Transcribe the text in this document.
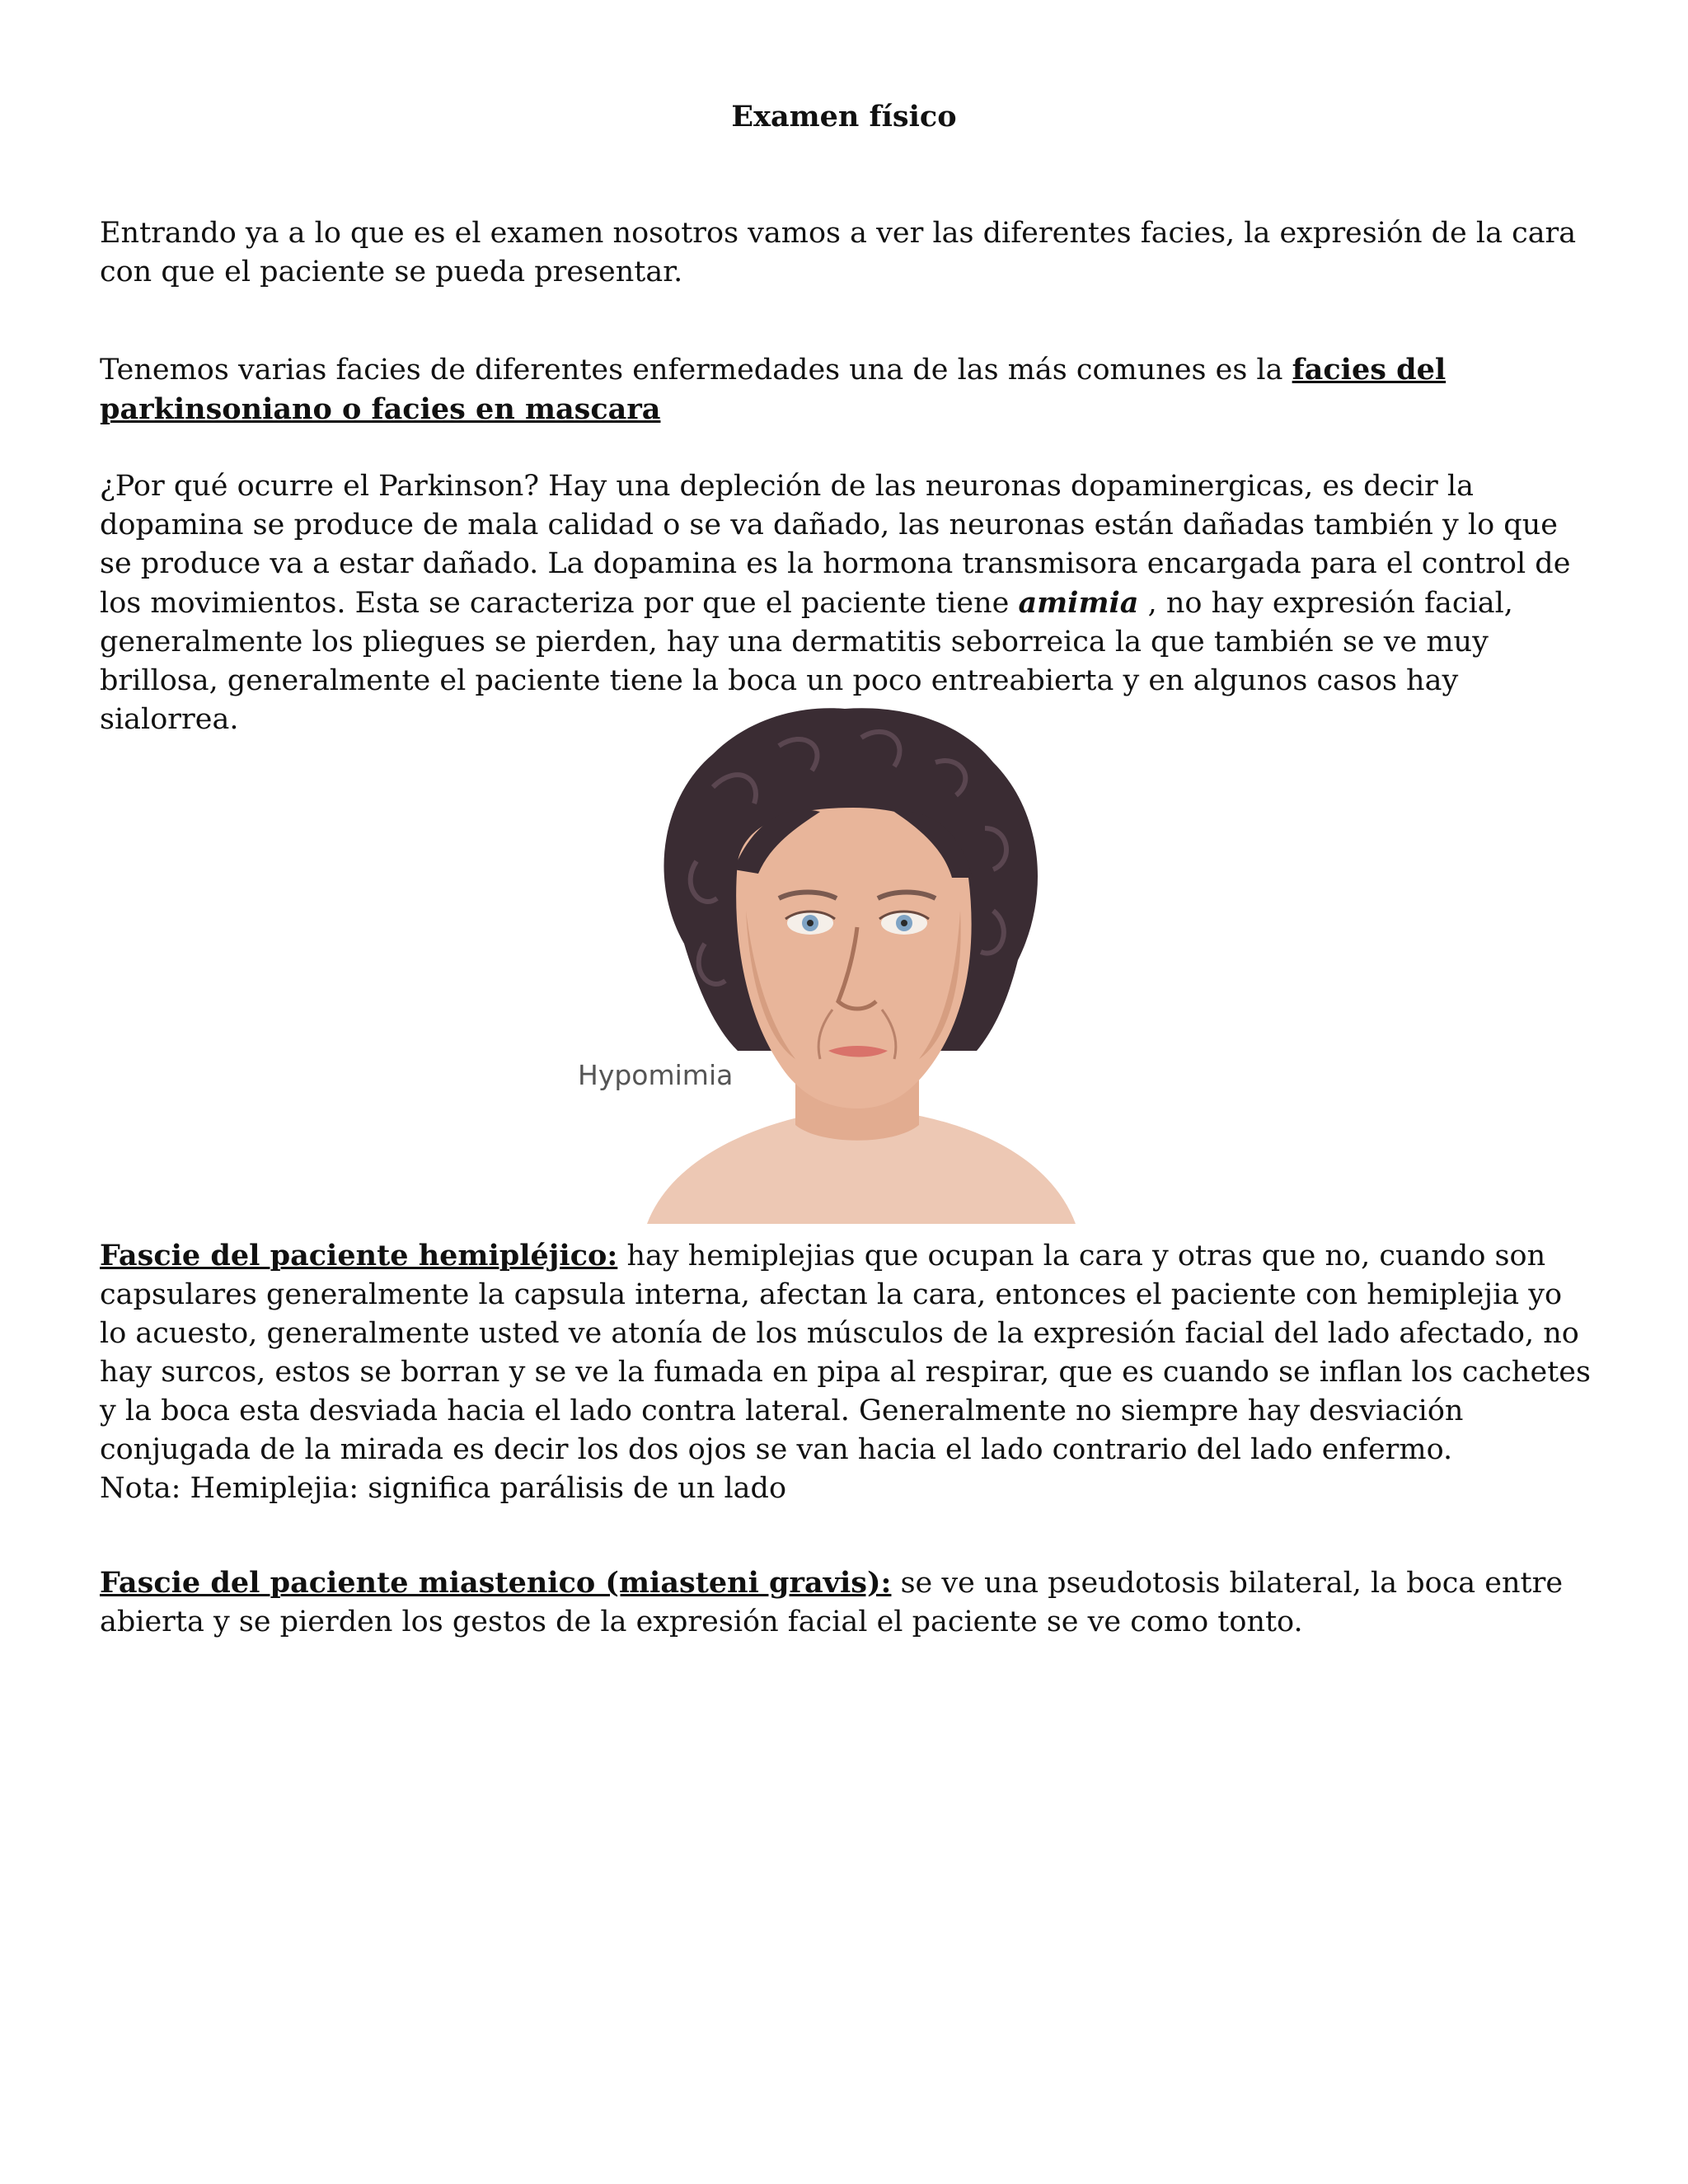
Examen físico

Entrando ya a lo que es el examen nosotros vamos a ver las diferentes facies, la expresión de la cara con que el paciente se pueda presentar.

Tenemos varias facies de diferentes enfermedades una de las más comunes es la facies del parkinsonianо o facies en mascara

¿Por qué ocurre el Parkinson? Hay una depleción de las neuronas dopaminergicas, es decir la dopamina se produce de mala calidad o se va dañado, las neuronas están dañadas también y lo que se produce va a estar dañado. La dopamina es la hormona transmisora encargada para el control de los movimientos. Esta se caracteriza por que el paciente tiene amimia , no hay expresión facial, generalmente los pliegues se pierden, hay una dermatitis seborreica la que también se ve muy brillosa, generalmente el paciente tiene la boca un poco entreabierta y en algunos casos hay sialorrea.

Hypomimia

Fascie del paciente hemipléjico: hay hemiplejias que ocupan la cara y otras que no, cuando son capsulares generalmente la capsula interna, afectan la cara, entonces el paciente con hemiplejia yo lo acuesto, generalmente usted ve atonía de los músculos de la expresión facial del lado afectado, no hay surcos, estos se borran y se ve la fumada en pipa al respirar, que es cuando se inflan los cachetes y la boca esta desviada hacia el lado contra lateral. Generalmente no siempre hay desviación conjugada de la mirada es decir los dos ojos se van hacia el lado contrario del lado enfermo.
Nota: Hemiplejia: significa parálisis de un lado

Fascie del paciente miastenico (miasteni gravis): se ve una pseudotosis bilateral, la boca entre abierta y se pierden los gestos de la expresión facial el paciente se ve como tonto.
